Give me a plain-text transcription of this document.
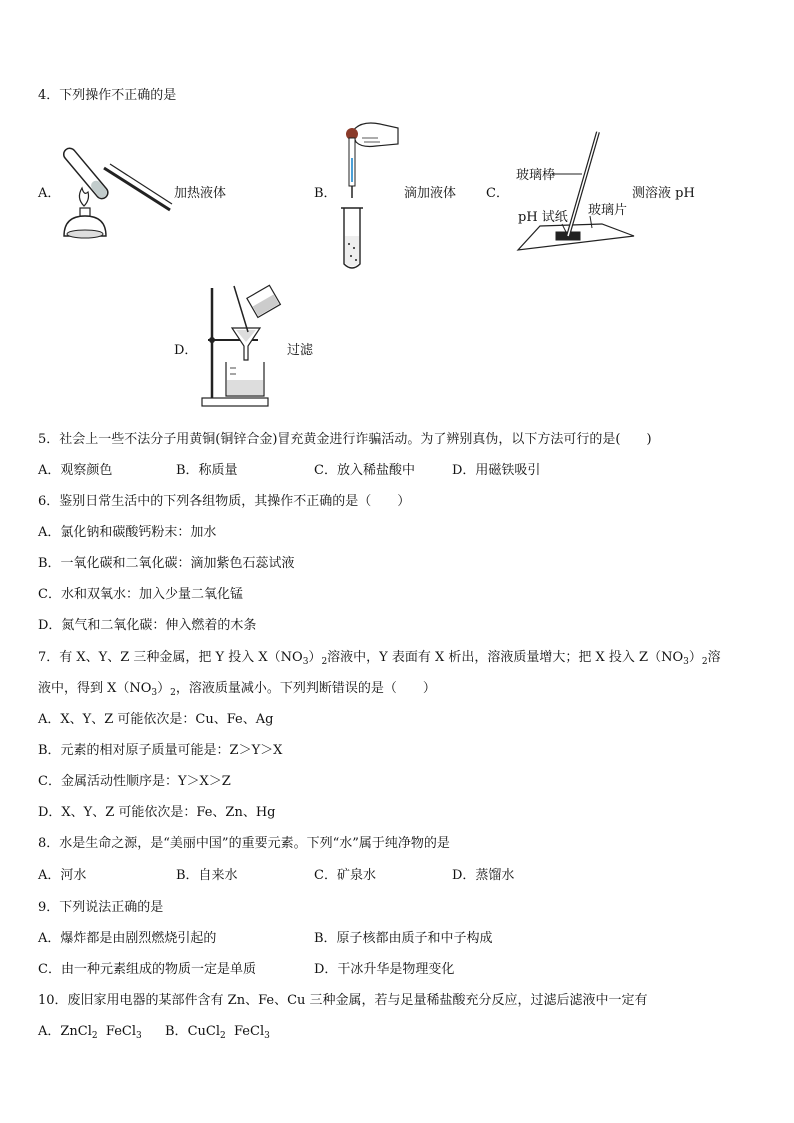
4．下列操作不正确的是
A．	加热液体	B．	滴加液体 C．
玻璃棒
pH 试纸 玻璃片
测溶液 pH
D．	过滤
5．社会上一些不法分子用黄铜(铜锌合金)冒充黄金进行诈骗活动。为了辨别真伪，以下方法可行的是(　　)
A．观察颜色	B．称质量	C．放入稀盐酸中	D．用磁铁吸引
6．鉴别日常生活中的下列各组物质，其操作不正确的是（　　）
A．氯化钠和碳酸钙粉末：加水
B．一氧化碳和二氧化碳：滴加紫色石蕊试液
C．水和双氧水：加入少量二氧化锰
D．氮气和二氧化碳：伸入燃着的木条
7．有 X、Y、Z 三种金属，把 Y 投入 $X(NO_3)_2$溶液中，Y 表面有 X 析出，溶液质量增大；把 X 投入 $Z(NO_3)_2$溶
液中，得到 $X(NO_3)_2$，溶液质量减小。下列判断错误的是（　　）
A．X、Y、Z 可能依次是：Cu、Fe、Ag
B．元素的相对原子质量可能是：Z＞Y＞X
C．金属活动性顺序是：Y＞X＞Z
D．X、Y、Z 可能依次是：Fe、Zn、Hg
8．水是生命之源，是“美丽中国”的重要元素。下列“水”属于纯净物的是
A．河水	B．自来水	C．矿泉水	D．蒸馏水
9．下列说法正确的是
A．爆炸都是由剧烈燃烧引起的	B．原子核都由质子和中子构成
C．由一种元素组成的物质一定是单质	D．干冰升华是物理变化
10．废旧家用电器的某部件含有 Zn、Fe、Cu 三种金属，若与足量稀盐酸充分反应，过滤后滤液中一定有
A．ZnCl$_2$ FeCl$_3$ B．CuCl$_2$ FeCl$_3$
